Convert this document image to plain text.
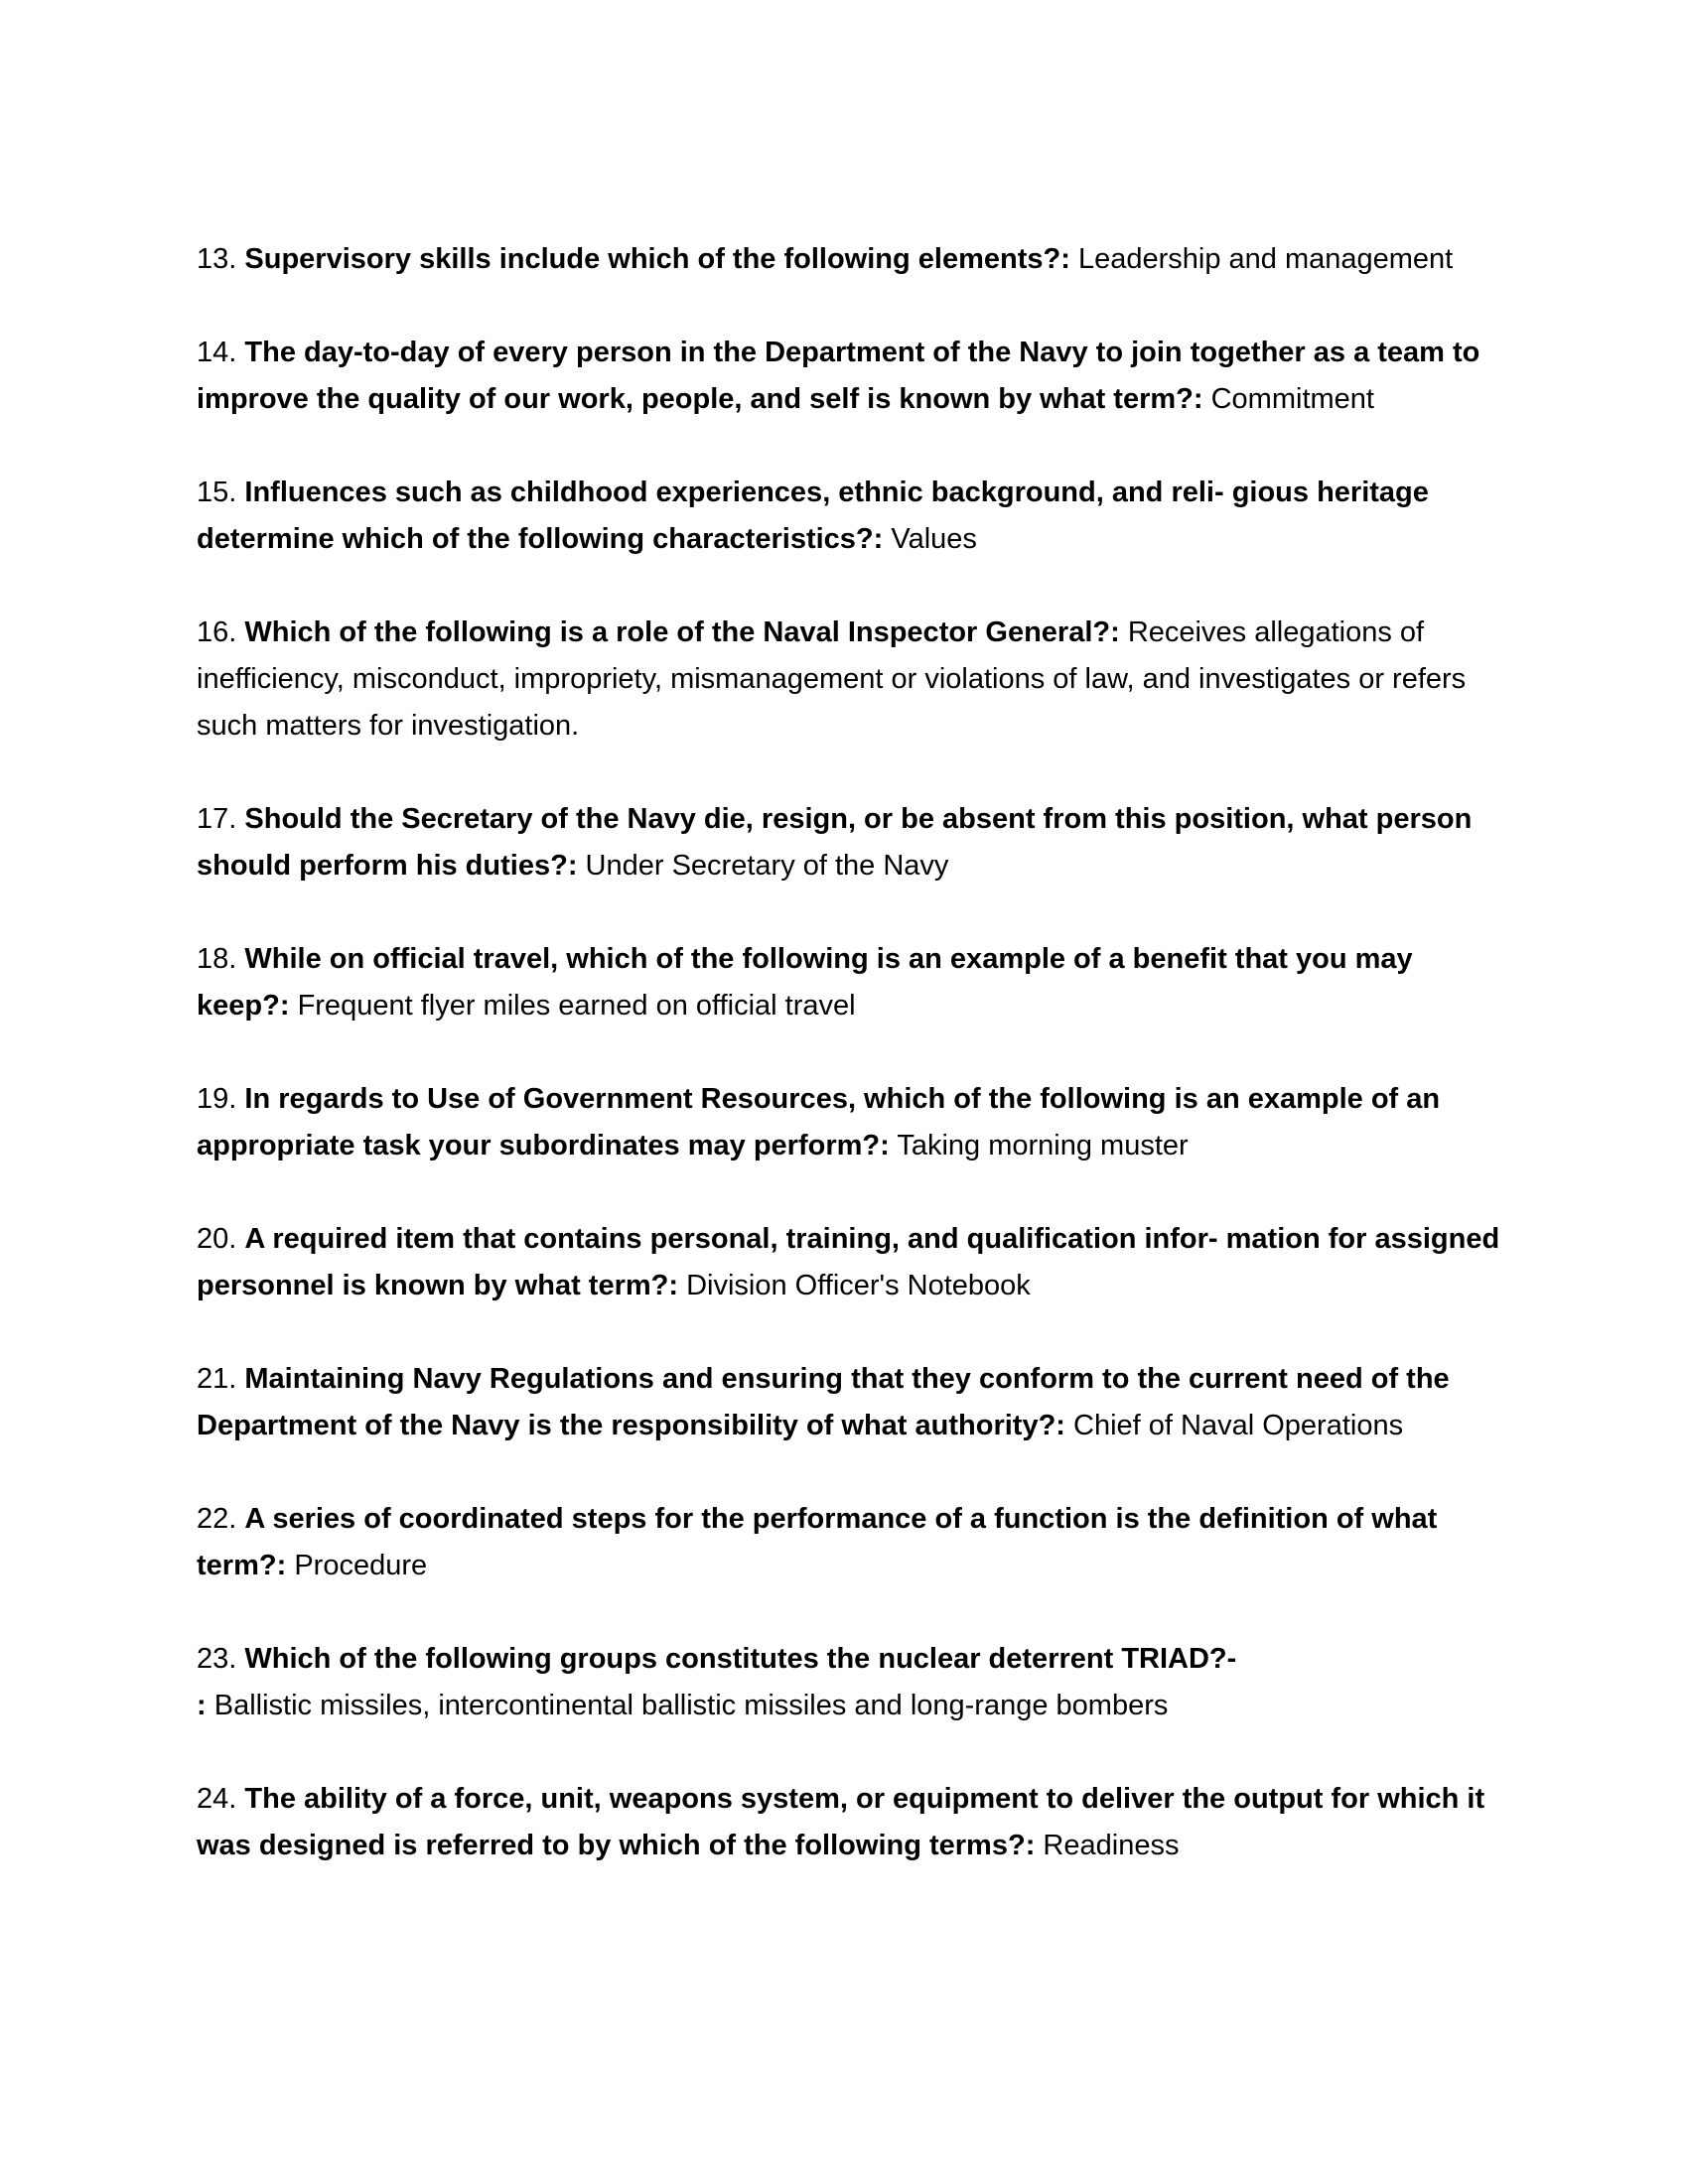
13. Supervisory skills include which of the following elements?: Leadership and management

14. The day-to-day of every person in the Department of the Navy to join together as a team to improve the quality of our work, people, and self is known by what term?: Commitment

15. Influences such as childhood experiences, ethnic background, and reli- gious heritage determine which of the following characteristics?: Values

16. Which of the following is a role of the Naval Inspector General?: Receives allegations of inefficiency, misconduct, impropriety, mismanagement or violations of law, and investigates or refers such matters for investigation.

17. Should the Secretary of the Navy die, resign, or be absent from this position, what person should perform his duties?: Under Secretary of the Navy

18. While on official travel, which of the following is an example of a benefit that you may keep?: Frequent flyer miles earned on official travel

19. In regards to Use of Government Resources, which of the following is an example of an appropriate task your subordinates may perform?: Taking morning muster

20. A required item that contains personal, training, and qualification infor- mation for assigned personnel is known by what term?: Division Officer's Notebook

21. Maintaining Navy Regulations and ensuring that they conform to the current need of the Department of the Navy is the responsibility of what authority?: Chief of Naval Operations

22. A series of coordinated steps for the performance of a function is the definition of what term?: Procedure

23. Which of the following groups constitutes the nuclear deterrent TRIAD?-
: Ballistic missiles, intercontinental ballistic missiles and long-range bombers

24. The ability of a force, unit, weapons system, or equipment to deliver the output for which it was designed is referred to by which of the following terms?: Readiness
